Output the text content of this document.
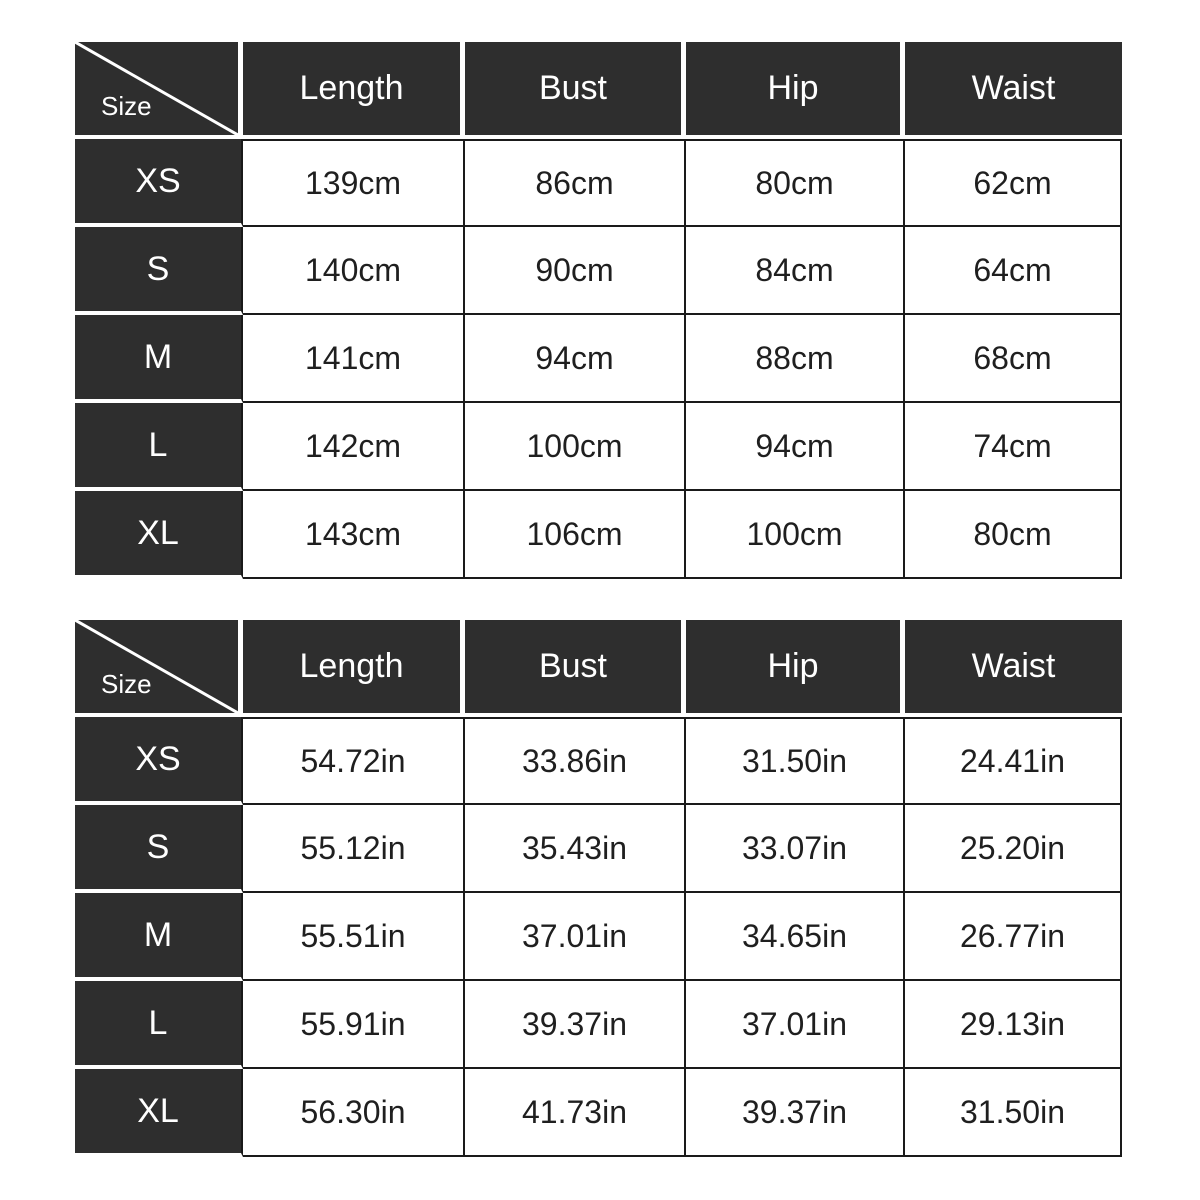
Size	Length	Bust	Hip	Waist
XS	139cm	86cm	80cm	62cm
S	140cm	90cm	84cm	64cm
M	141cm	94cm	88cm	68cm
L	142cm	100cm	94cm	74cm
XL	143cm	106cm	100cm	80cm
Size	Length	Bust	Hip	Waist
XS	54.72in	33.86in	31.50in	24.41in
S	55.12in	35.43in	33.07in	25.20in
M	55.51in	37.01in	34.65in	26.77in
L	55.91in	39.37in	37.01in	29.13in
XL	56.30in	41.73in	39.37in	31.50in
